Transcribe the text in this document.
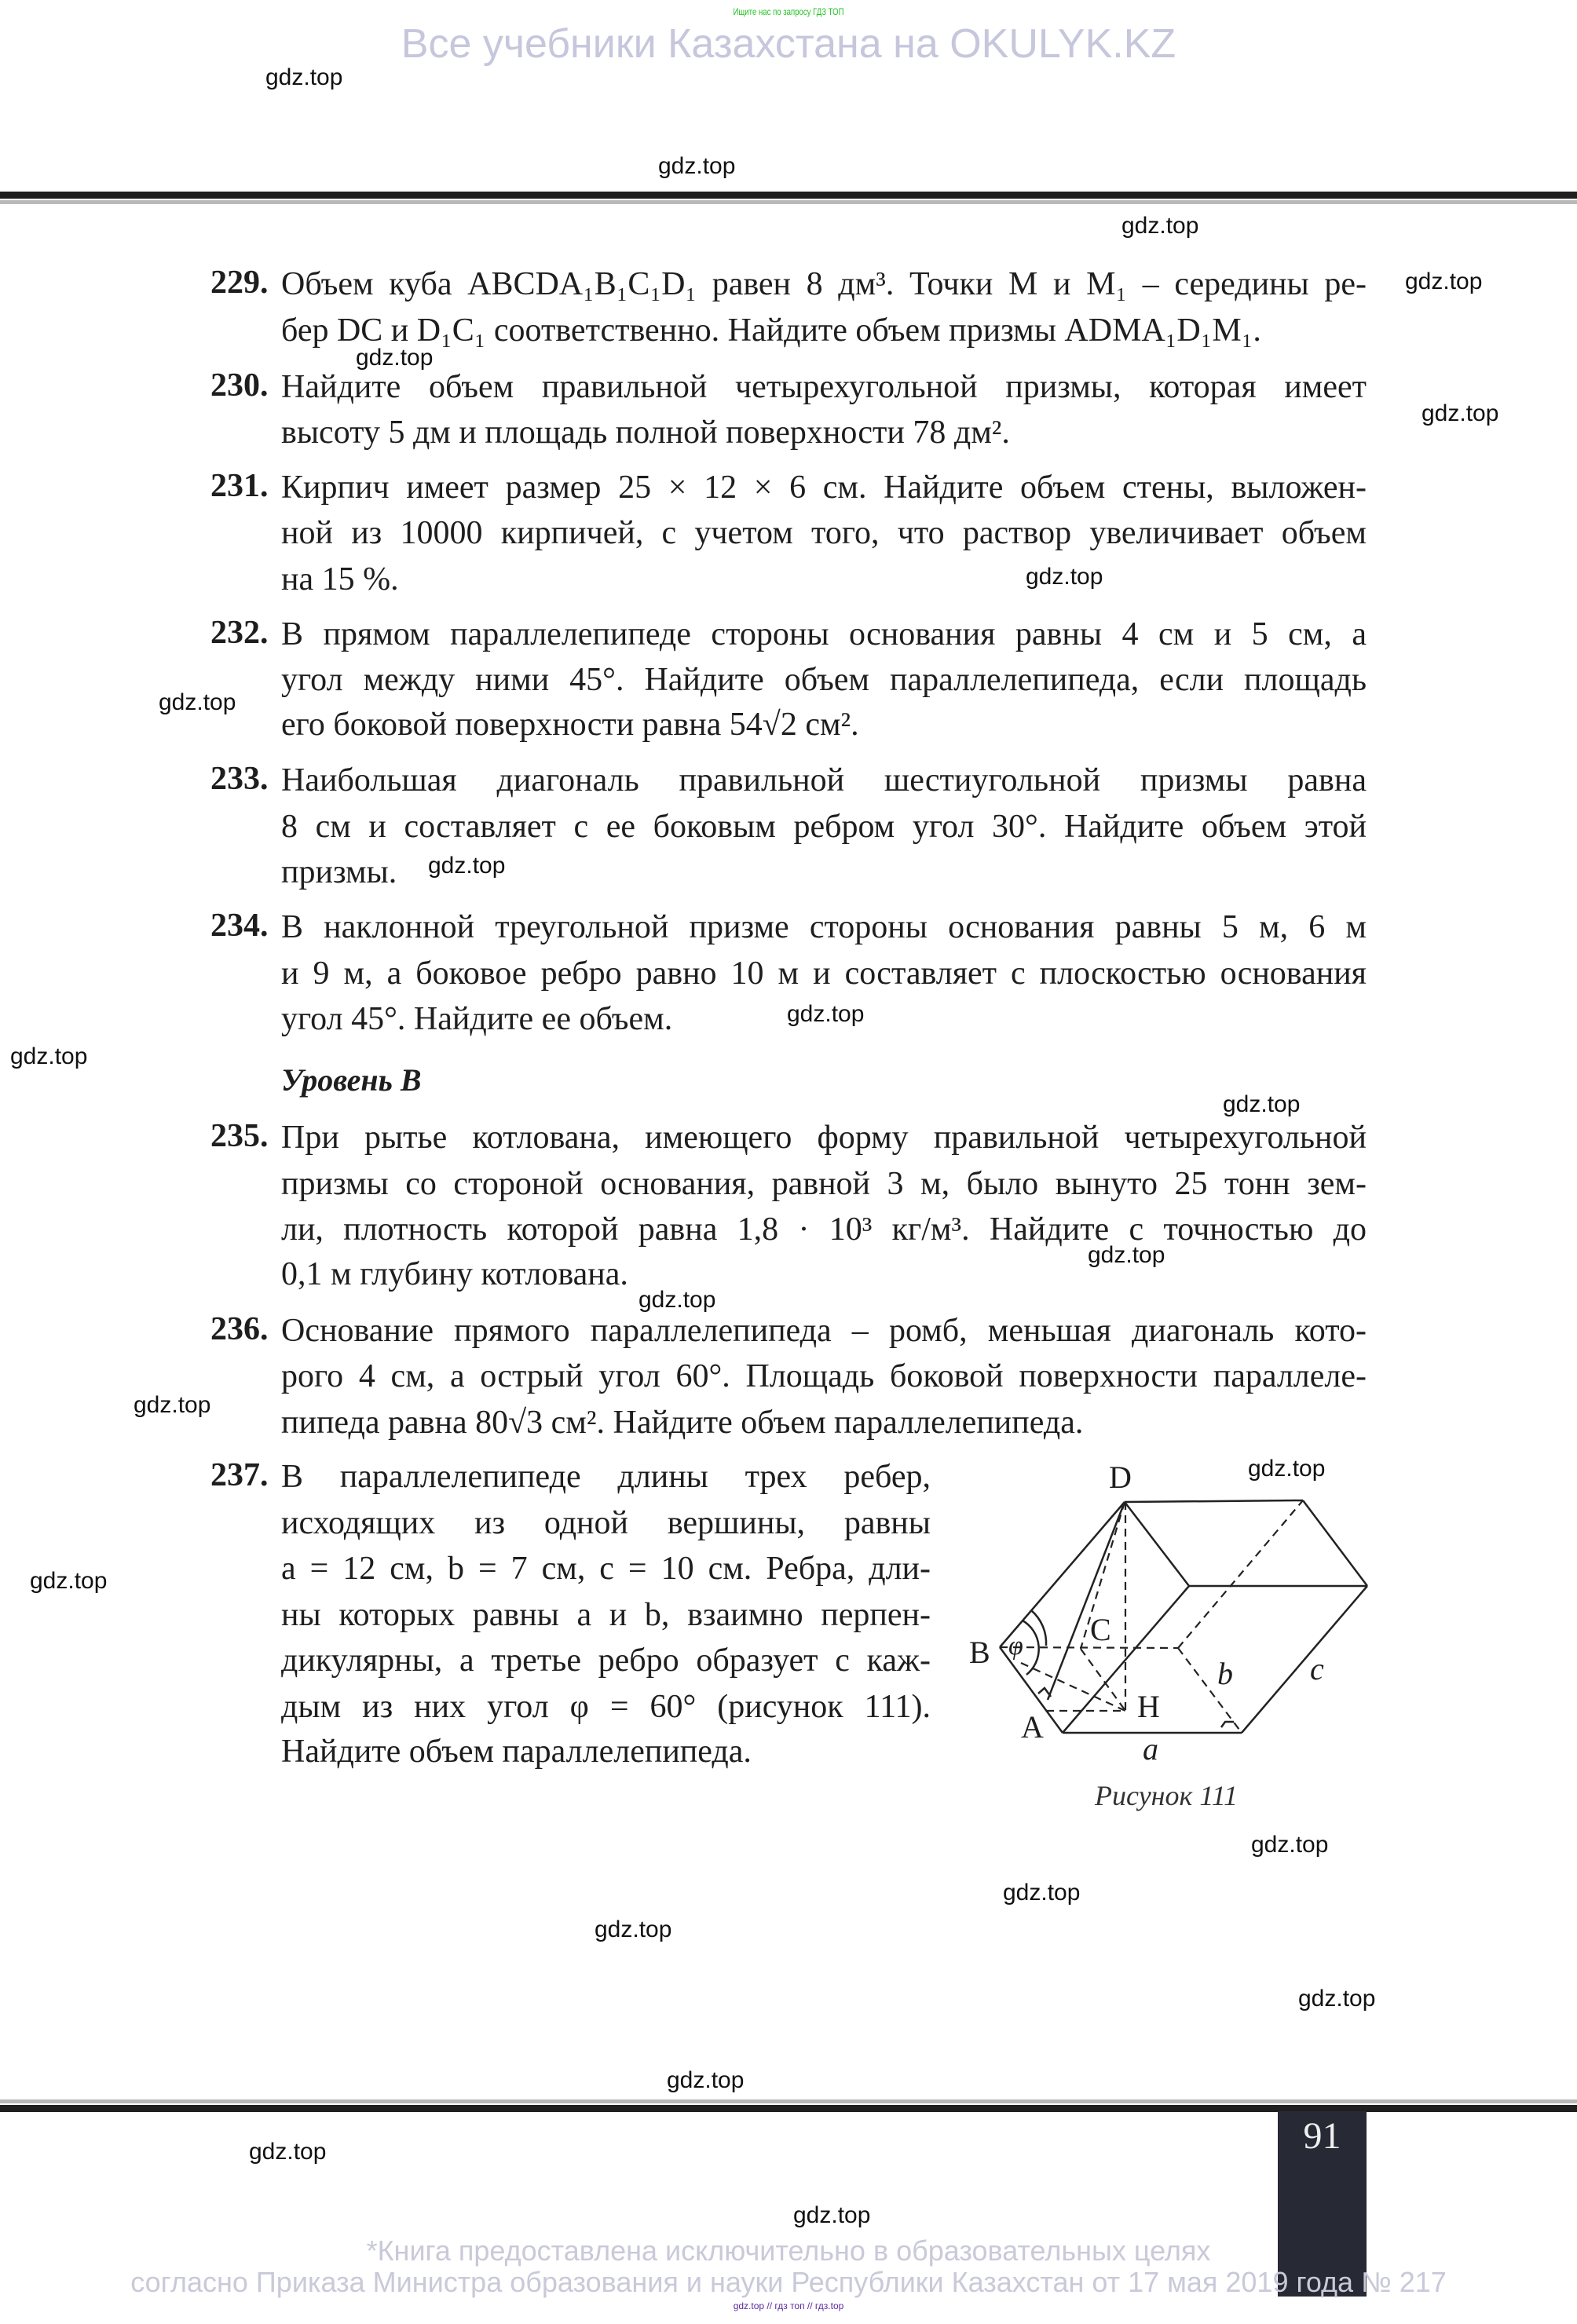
Ищите нас по запросу ГДЗ ТОП
Все учебники Казахстана на OKULYK.KZ
229. Объем куба ABCDA₁B₁C₁D₁ равен 8 дм³. Точки M и M₁ – середины ре-
бер DC и D₁C₁ соответственно. Найдите объем призмы ADMA₁D₁M₁.
230. Найдите объем правильной четырехугольной призмы, которая имеет
высоту 5 дм и площадь полной поверхности 78 дм².
231. Кирпич имеет размер 25 × 12 × 6 см. Найдите объем стены, выложен-
ной из 10000 кирпичей, с учетом того, что раствор увеличивает объем
на 15 %.
232. В прямом параллелепипеде стороны основания равны 4 см и 5 см, а
угол между ними 45°. Найдите объем параллелепипеда, если площадь
его боковой поверхности равна 54√2 см².
233. Наибольшая диагональ правильной шестиугольной призмы равна
8 см и составляет с ее боковым ребром угол 30°. Найдите объем этой
призмы.
234. В наклонной треугольной призме стороны основания равны 5 м, 6 м
и 9 м, а боковое ребро равно 10 м и составляет с плоскостью основания
угол 45°. Найдите ее объем.
235. При рытье котлована, имеющего форму правильной четырехугольной
призмы со стороной основания, равной 3 м, было вынуто 25 тонн зем-
ли, плотность которой равна 1,8 · 10³ кг/м³. Найдите с точностью до
0,1 м глубину котлована.
236. Основание прямого параллелепипеда – ромб, меньшая диагональ кото-
рого 4 см, а острый угол 60°. Площадь боковой поверхности параллеле-
пипеда равна 80√3 см². Найдите объем параллелепипеда.
237. В параллелепипеде длины трех ребер,
исходящих из одной вершины, равны
a = 12 см, b = 7 см, c = 10 см. Ребра, дли-
ны которых равны a и b, взаимно перпен-
дикулярны, а третье ребро образует с каж-
дым из них угол φ = 60° (рисунок 111).
Найдите объем параллелепипеда.
Уровень B
D
B
A
C
H
a
b c
φ
Рисунок 111
91
*Книга предоставлена исключительно в образовательных целях
согласно Приказа Министра образования и науки Республики Казахстан от 17 мая 2019 года № 217
gdz.top // гдз топ // гдз.top
gdz.top
gdz.top
gdz.top
gdz.top
gdz.top
gdz.top
gdz.top
gdz.top
gdz.top
gdz.top
gdz.top
gdz.top
gdz.top
gdz.top
gdz.top
gdz.top
gdz.top
gdz.top
gdz.top
gdz.top
gdz.top
gdz.top
gdz.top
gdz.top
